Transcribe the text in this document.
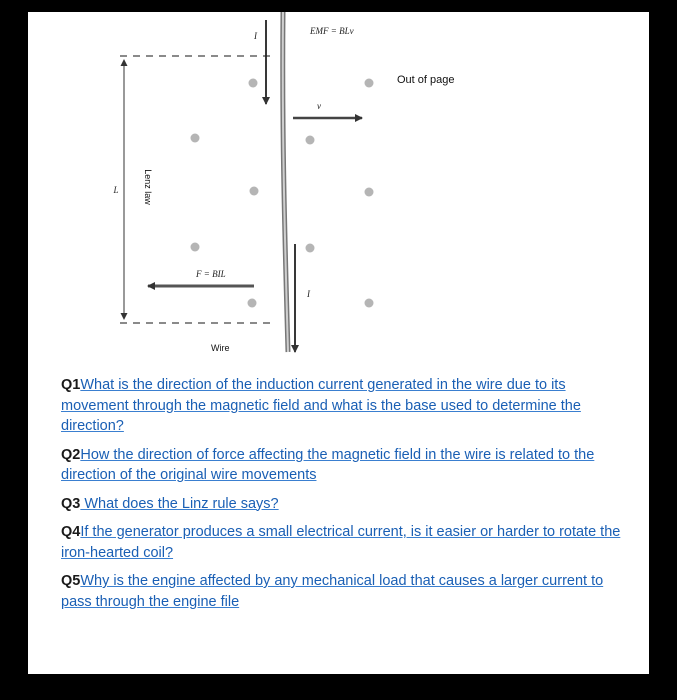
L	Lenz law
Wire
EMF = BLv
I
I
v
F = BIL
Out of page

Q1What is the direction of the induction current generated in the wire due to its movement through the magnetic field and what is the base used to determine the direction?

Q2How the direction of force affecting the magnetic field in the wire is related to the direction of the original wire movements

Q3 What does the Linz rule says?

Q4If the generator produces a small electrical current, is it easier or harder to rotate the iron-hearted coil?

Q5Why is the engine affected by any mechanical load that causes a larger current to pass through the engine file
